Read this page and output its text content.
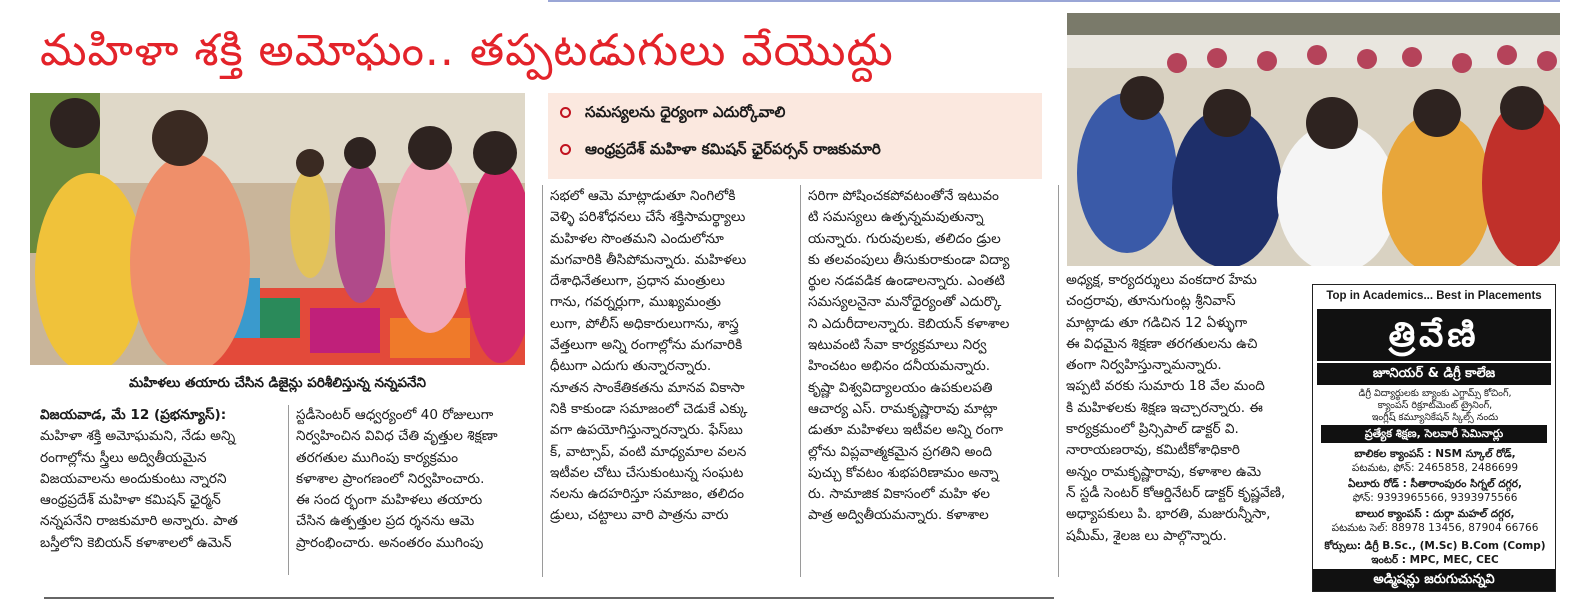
మహిళా శక్తి అమోఘం.. తప్పటడుగులు వేయొద్దు
మహిళలు తయారు చేసిన డిజైన్లు పరిశీలిస్తున్న నన్నపనేని
సమస్యలను ధైర్యంగా ఎదుర్కోవాలి
ఆంధ్రప్రదేశ్ మహిళా కమిషన్ ఛైర్‌పర్సన్ రాజకుమారి

విజయవాడ, మే 12 (ప్రభన్యూస్):

మహిళా శక్తి అమోఘమని, నేడు అన్ని

రంగాల్లోను స్త్రీలు అద్వితీయమైన

విజయవాలను అందుకుంటు న్నారని

ఆంధ్రప్రదేశ్ మహిళా కమిషన్ ఛైర్మన్

నన్నపనేని రాజకుమారి అన్నారు. పాత

బస్తీలోని కెబియన్ కళాశాలలో ఉమెన్

స్టడీసెంటర్ ఆధ్వర్యంలో 40 రోజులుగా

నిర్వహించిన వివిధ చేతి వృత్తుల శిక్షణా

తరగతుల ముగింపు కార్యక్రమం

కళాశాల ప్రాంగణంలో నిర్వహించారు.

ఈ సంద ర్భంగా మహిళలు తయారు

చేసిన ఉత్పత్తుల ప్రద ర్శనను ఆమె

ప్రారంభించారు. అనంతరం ముగింపు

సభలో ఆమె మాట్లాడుతూ నింగిలోకి

వెళ్ళి పరిశోధనలు చేసే శక్తిసామర్థ్యాలు

మహిళల సొంతమని ఎందులోనూ

మగవారికి తీసిపోమన్నారు. మహిళలు

దేశాధినేతలుగా, ప్రధాన మంత్రులు

గాను, గవర్నర్లుగా, ముఖ్యమంత్రు

లుగా, పోలీస్ అధికారులుగాను, శాస్త్ర

వేత్తలుగా అన్ని రంగాల్లోను మగవారికి

ధీటుగా ఎదుగు తున్నారన్నారు.

నూతన సాంకేతికతను మానవ వికాసా

నికి కాకుండా సమాజంలో చెడుకే ఎక్కు

వగా ఉపయోగిస్తున్నారన్నారు. ఫేస్‌బు

క్, వాట్సాప్, వంటి మాధ్యమాల వలన

ఇటీవల చోటు చేసుకుంటున్న సంఘట

నలను ఉదహరిస్తూ సమాజం, తలిదం

డ్రులు, చట్టాలు వారి పాత్రను వారు

సరిగా పోషించకపోవటంతోనే ఇటువం

టి సమస్యలు ఉత్పన్నమవుతున్నా

యన్నారు. గురువులకు, తలిదం డ్రుల

కు తలవంపులు తీసుకురాకుండా విద్యా

ర్థుల నడవడిక ఉండాలన్నారు. ఎంతటి

సమస్యలనైనా మనోధైర్యంతో ఎదుర్కొ

ని ఎదురీదాలన్నారు. కెబియన్ కళాశాల

ఇటువంటి సేవా కార్యక్రమాలు నిర్వ

హించటం అభినం దనీయమన్నారు.

కృష్ణా విశ్వవిద్యాలయం ఉపకులపతి

ఆచార్య ఎస్. రామకృష్ణారావు మాట్లా

డుతూ మహిళలు ఇటీవల అన్ని రంగా

ల్లోను విప్లవాత్మకమైన ప్రగతిని అంది

పుచ్చు కోవటం శుభపరిణామం అన్నా

రు. సామాజిక వికాసంలో మహి ళల

పాత్ర అద్వితీయమన్నారు. కళాశాల

అధ్యక్ష, కార్యదర్శులు వంకదార హేమ

చంద్రరావు, తూనుగుంట్ల శ్రీనివాస్

మాట్లాడు తూ గడిచిన 12 ఏళ్ళుగా

ఈ విధమైన శిక్షణా తరగతులను ఉచి

తంగా నిర్వహిస్తున్నామన్నారు.

ఇప్పటి వరకు సుమారు 18 వేల మంది

కి మహిళలకు శిక్షణ ఇచ్చారన్నారు. ఈ

కార్యక్రమంలో ప్రిన్సిపాల్ డాక్టర్ వి.

నారాయణరావు, కమిటీకోశాధికారి

అన్నం రామకృష్ణారావు, కళాశాల ఉమె

న్ స్టడీ సెంటర్ కోఆర్డినేటర్ డాక్టర్ కృష్ణవేణి,

అధ్యాపకులు పి. భారతి, మజురున్నీసా,

షమీమ్, శైలజ లు పాల్గొన్నారు.

Top in Academics... Best in Placements
త్రివేణి
జూనియర్ & డిగ్రీ కాలేజ
డిగ్రీ విద్యార్థులకు బ్యాంకు ఎగ్జామ్స్ కోచింగ్,
క్యాంపస్ రిక్రూట్‌మెంట్ ట్రైనింగ్,
ఇంగ్లీష్ కమ్యూనికేషన్ స్కిల్స్ నందు
ప్రత్యేక శిక్షణ, సెలవారీ సెమినార్లు
బాలికల క్యాంపస్ : NSM స్కూల్ రోడ్,
పటమట, ఫోన్: 2465858, 2486699
ఏలూరు రోడ్ : సీతారాంపురం సిగ్నల్ దగ్గర,
ఫోన్: 9393965566, 9393975566
బాలుర క్యాంపస్ : దుర్గా మహల్ దగ్గర,
పటమట సెల్: 88978 13456, 87904 66766
కోర్సులు: డిగ్రీ B.Sc., (M.Sc) B.Com (Comp)
ఇంటర్ : MPC, MEC, CEC
అడ్మిషన్లు జరుగుచున్నవి
